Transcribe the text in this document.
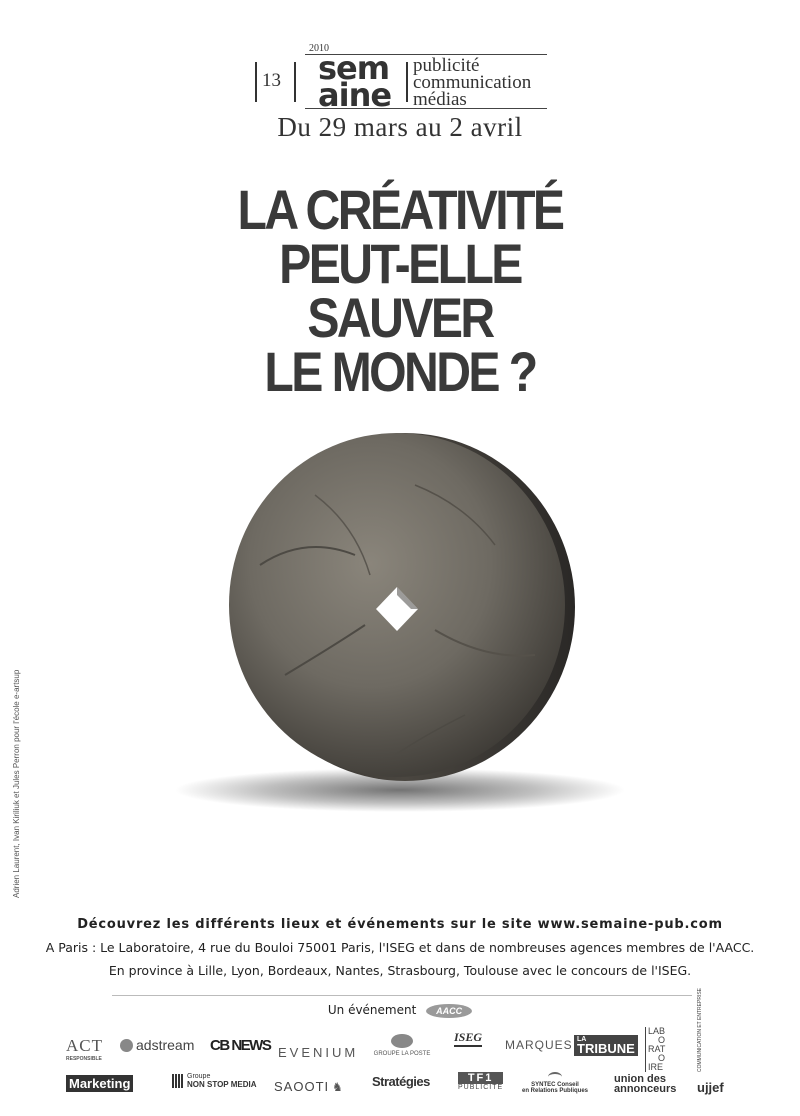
2010
13 sem
aine
publicité
communication
médias
Du 29 mars au 2 avril
LA CRÉATIVITÉ
PEUT-ELLE
SAUVER
LE MONDE ?
Adrien Laurent, Ivan Kiriliuk et Jules Perron pour l'école e-artsup
Découvrez les différents lieux et événements sur le site www.semaine-pub.com
A Paris : Le Laboratoire, 4 rue du Bouloi 75001 Paris, l'ISEG et dans de nombreuses agences membres de l'AACC.
En province à Lille, Lyon, Bordeaux, Nantes, Strasbourg, Toulouse avec le concours de l'ISEG.
Un événement AACC
ACT
RESPONSIBLE
adstream CB NEWS EVENIUM	GROUPE LA POSTE
ISEG
MARQUES LA
TRIBUNE
LAB
O
RAT
O
IRE	COMMUNICATION ET ENTREPRISE
Marketing	Groupe
NON STOP MEDIA SAOOTI ♞ Stratégies	TF1
PUBLICITÉ	SYNTEC Conseil
en Relations Publiques
union des
annonceurs ujjef
